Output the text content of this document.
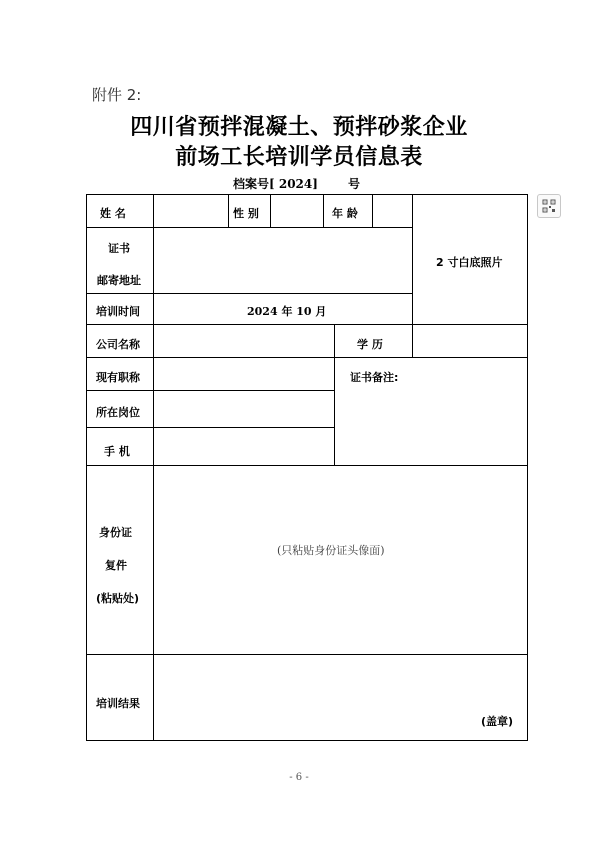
附件 2:
四川省预拌混凝土、预拌砂浆企业
前场工长培训学员信息表
档案号[ 2024]	号
姓 名	性 别	年 龄
2 寸白底照片
证书
邮寄地址
培训时间	2024 年 10 月
公司名称	学 历
现有职称	证书备注:
所在岗位
手 机
身份证
复件
(粘贴处)
(只粘贴身份证头像面)
培训结果
(盖章)
- 6 -
